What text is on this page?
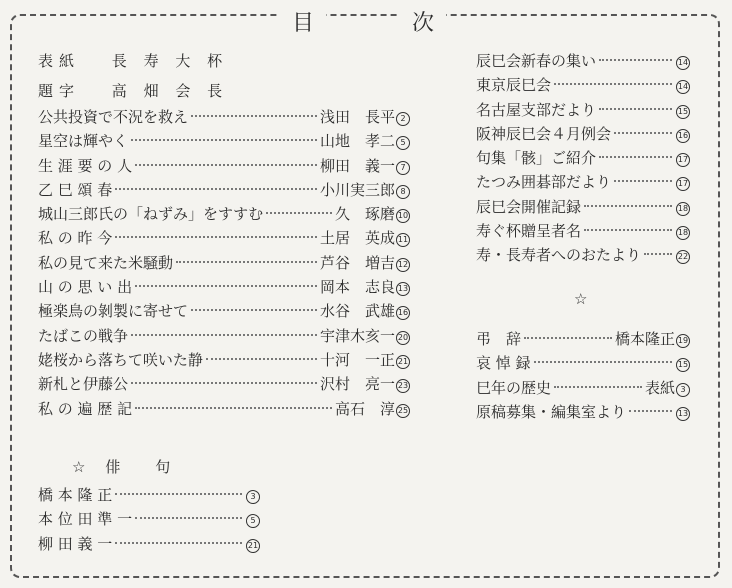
目	次
表紙　 長 寿 大 杯
題字　 高 畑 会 長
公共投資で不況を救え	浅田　長平 2
星空は輝やく	山地　孝二 5
生 涯 要 の 人	柳田　義一 7
乙 巳 頌 春	小川実三郎 8
城山三郎氏の「ねずみ」をすすむ	久　琢磨 10
私 の 昨 今	土居　英成 11
私の見て来た米騒動	芦谷　増吉 12
山 の 思 い 出	岡本　志良 13
極楽鳥の剝製に寄せて	水谷　武雄 16
たばこの戦争	宇津木亥一 20
姥桜から落ちて咲いた静	十河　一正 21
新札と伊藤公	沢村　亮一 23
私 の 遍 歴 記	高石　淳 25
☆　 俳　句
橋 本 隆 正	3
本 位 田 準 一	5
柳 田 義 一	21
辰巳会新春の集い	14
東京辰巳会	14
名古屋支部だより	15
阪神辰巳会４月例会	16
句集「骸」ご紹介	17
たつみ囲碁部だより	17
辰巳会開催記録	18
寿ぐ杯贈呈者名	18
寿・長寿者へのおたより	22
☆
弔　辞	橋本隆正 19
哀 悼 録	15
巳年の歴史	表紙 3
原稿募集・編集室より	13
